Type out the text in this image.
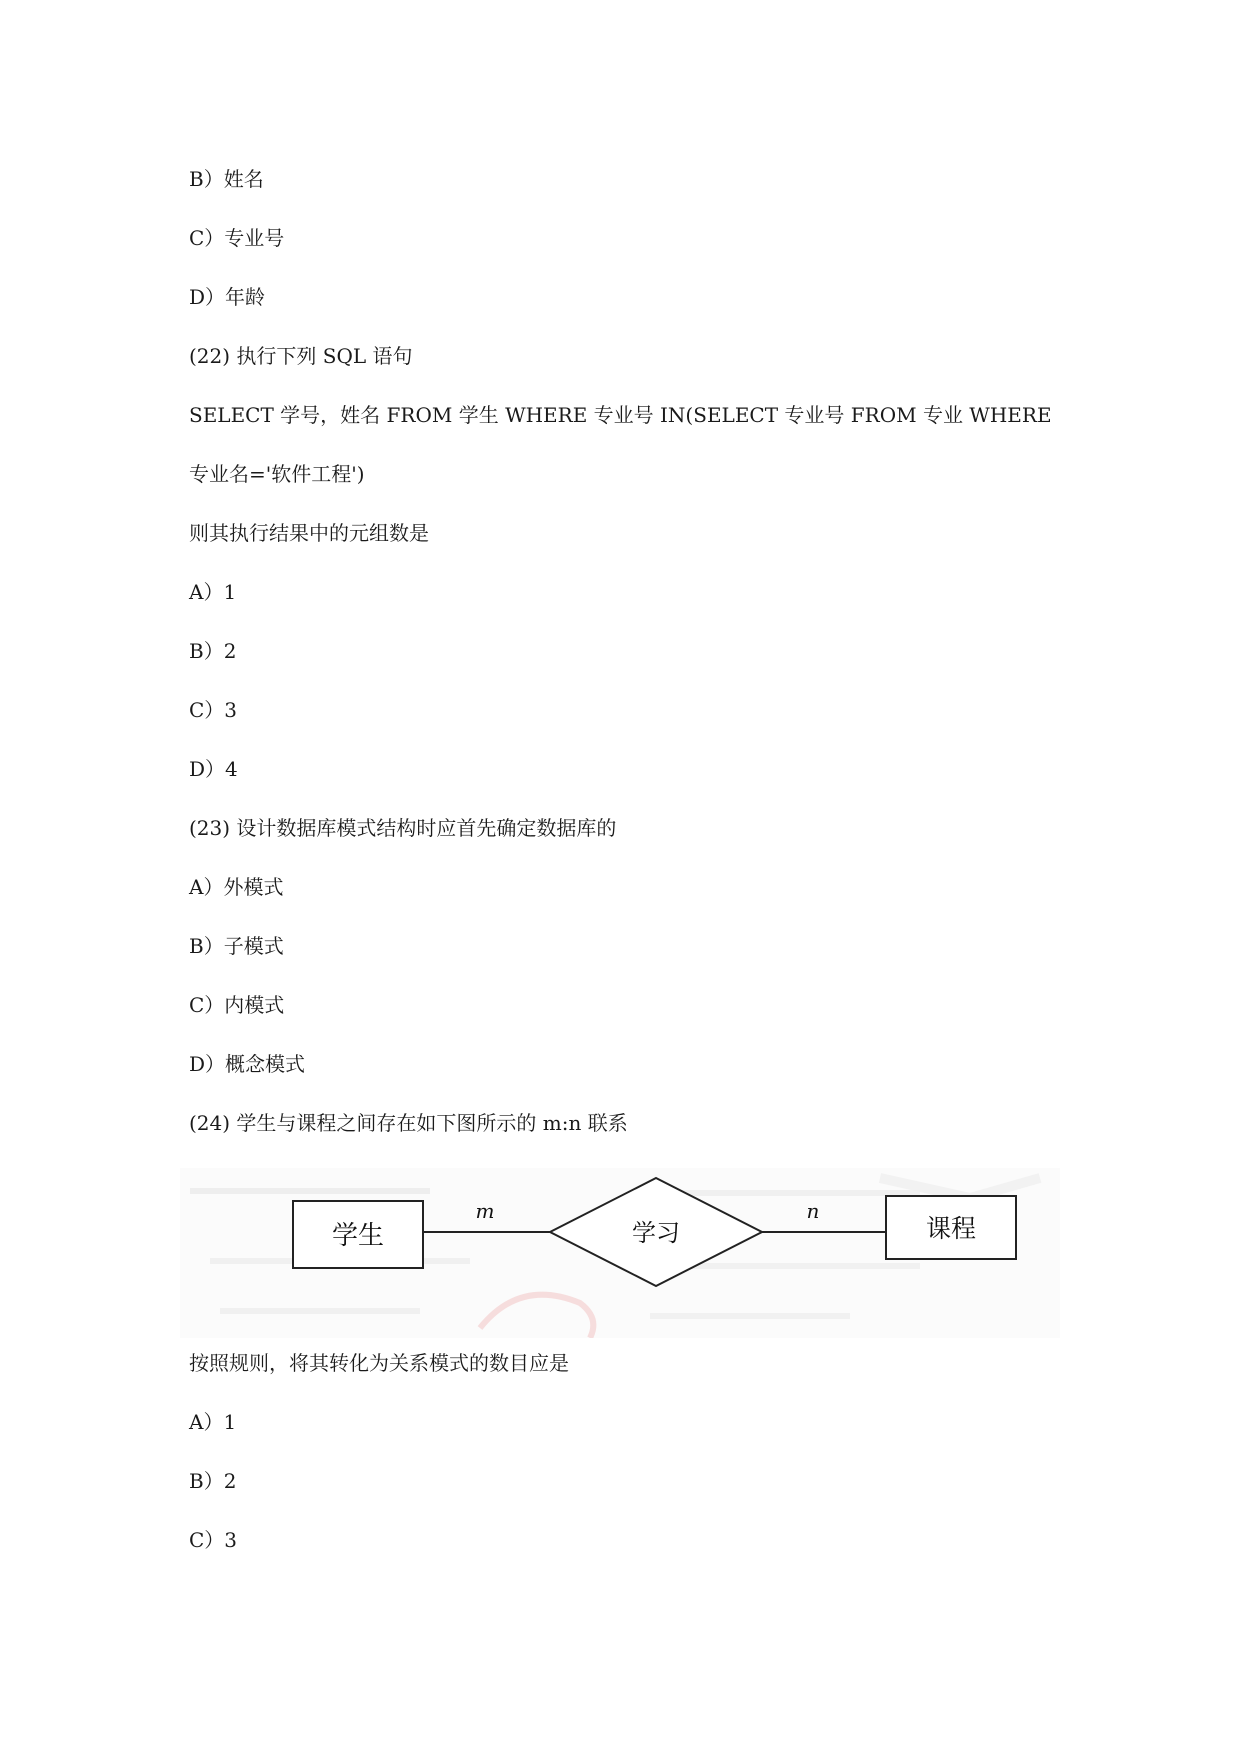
B）姓名
C）专业号
D）年龄
(22) 执行下列 SQL 语句
SELECT 学号，姓名 FROM 学生 WHERE 专业号 IN(SELECT 专业号 FROM 专业 WHERE
专业名='软件工程')
则其执行结果中的元组数是
A）1
B）2
C）3
D）4
(23) 设计数据库模式结构时应首先确定数据库的
A）外模式
B）子模式
C）内模式
D）概念模式
(24) 学生与课程之间存在如下图所示的 m:n 联系
学生	学习	课程
m	n
按照规则，将其转化为关系模式的数目应是
A）1
B）2
C）3
